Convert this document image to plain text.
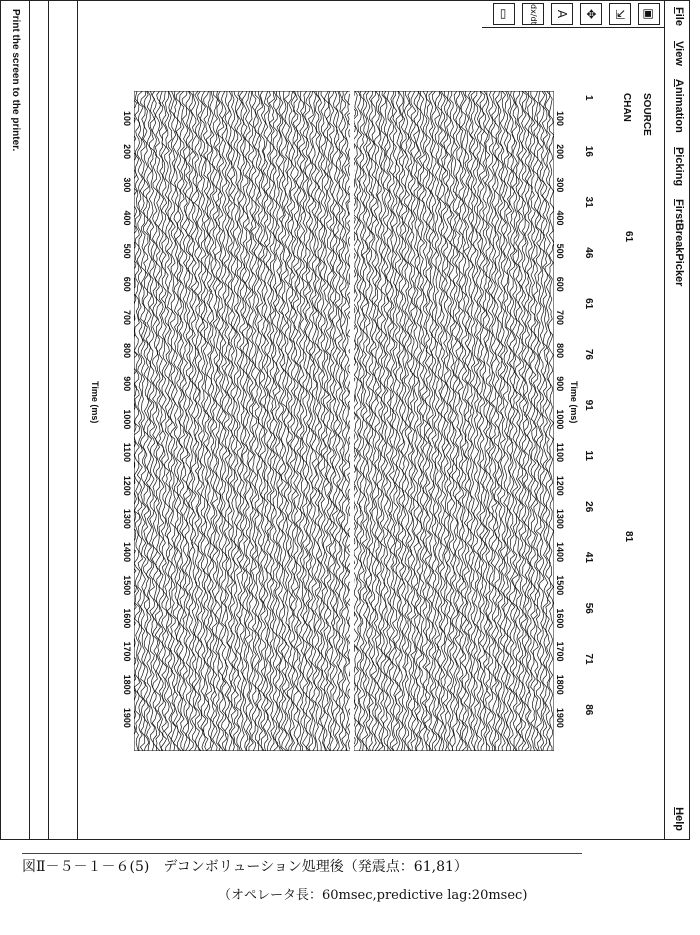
File
View
Animation
Picking
FirstBreakPicker
Help
▣
⇲
✥
A
dx/dt
▭
SOURCE
CHAN
61
81
1
16
31
46
61
76
91
11
26
41
56
71
86
100
200
300
400
500
600
700
800
900
1000
1100
1200
1300
1400
1500
1600
1700
1800
1900
Time (ms)
100
200
300
400
500
600
700
800
900
1000
1100
1200
1300
1400
1500
1600
1700
1800
1900
Time (ms)
Print the screen to the printer.
図Ⅱ－５－１－６(5)　デコンボリューション処理後（発震点：61,81）
（オペレータ長：60msec,predictive lag:20msec)
